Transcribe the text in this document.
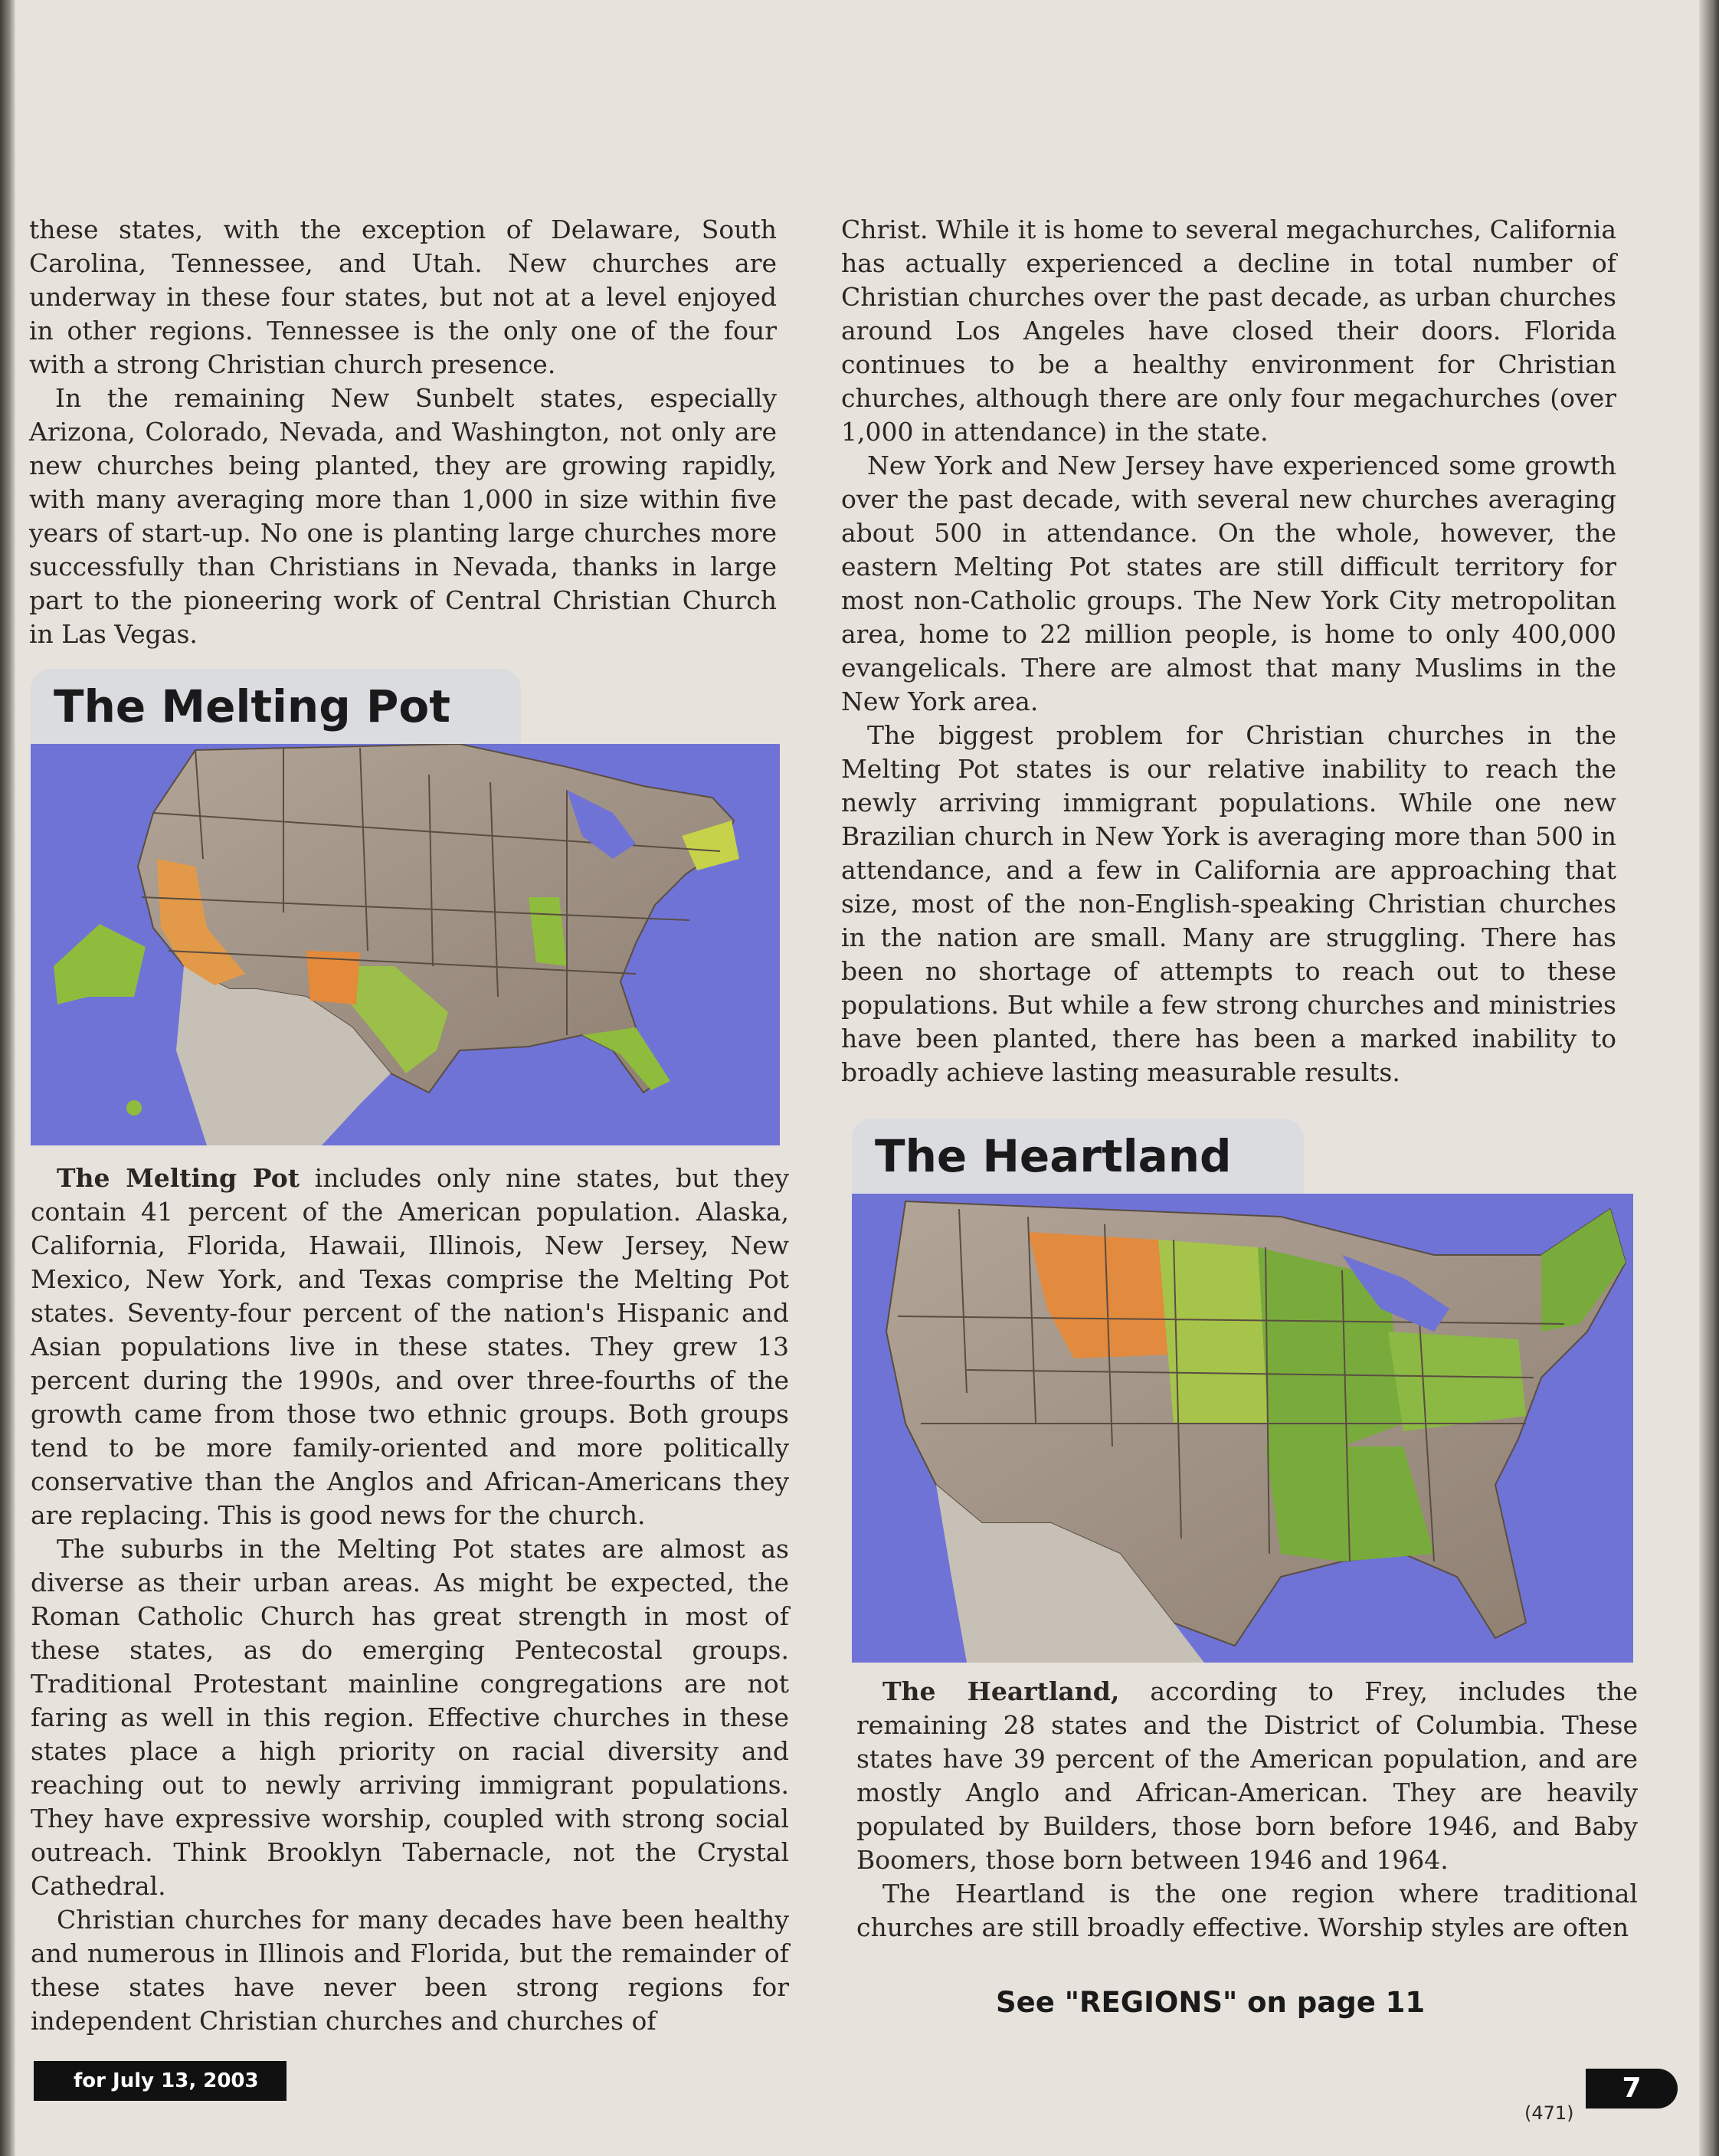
these states, with the exception of Delaware, South Carolina, Tennessee, and Utah. New churches are underway in these four states, but not at a level enjoyed in other regions. Tennessee is the only one of the four with a strong Christian church presence.

In the remaining New Sunbelt states, especially Arizona, Colorado, Nevada, and Washington, not only are new churches being planted, they are growing rapidly, with many averaging more than 1,000 in size within five years of start-up. No one is planting large churches more successfully than Christians in Nevada, thanks in large part to the pioneering work of Central Christian Church in Las Vegas.

The Melting Pot

The Melting Pot includes only nine states, but they contain 41 percent of the American population. Alaska, California, Florida, Hawaii, Illinois, New Jersey, New Mexico, New York, and Texas comprise the Melting Pot states. Seventy-four percent of the nation's Hispanic and Asian populations live in these states. They grew 13 percent during the 1990s, and over three-fourths of the growth came from those two ethnic groups. Both groups tend to be more family-oriented and more politically conservative than the Anglos and African-Americans they are replacing. This is good news for the church.

The suburbs in the Melting Pot states are almost as diverse as their urban areas. As might be expected, the Roman Catholic Church has great strength in most of these states, as do emerging Pentecostal groups. Traditional Protestant mainline congregations are not faring as well in this region. Effective churches in these states place a high priority on racial diversity and reaching out to newly arriving immigrant populations. They have expressive worship, coupled with strong social outreach. Think Brooklyn Tabernacle, not the Crystal Cathedral.

Christian churches for many decades have been healthy and numerous in Illinois and Florida, but the remainder of these states have never been strong regions for independent Christian churches and churches of

Christ. While it is home to several megachurches, California has actually experienced a decline in total number of Christian churches over the past decade, as urban churches around Los Angeles have closed their doors. Florida continues to be a healthy environment for Christian churches, although there are only four megachurches (over 1,000 in attendance) in the state.

New York and New Jersey have experienced some growth over the past decade, with several new churches averaging about 500 in attendance. On the whole, however, the eastern Melting Pot states are still difficult territory for most non-Catholic groups. The New York City metropolitan area, home to 22 million people, is home to only 400,000 evangelicals. There are almost that many Muslims in the New York area.

The biggest problem for Christian churches in the Melting Pot states is our relative inability to reach the newly arriving immigrant populations. While one new Brazilian church in New York is averaging more than 500 in attendance, and a few in California are approaching that size, most of the non-English-speaking Christian churches in the nation are small. Many are struggling. There has been no shortage of attempts to reach out to these populations. But while a few strong churches and ministries have been planted, there has been a marked inability to broadly achieve lasting measurable results.

The Heartland

The Heartland, according to Frey, includes the remaining 28 states and the District of Columbia. These states have 39 percent of the American population, and are mostly Anglo and African-American. They are heavily populated by Builders, those born before 1946, and Baby Boomers, those born between 1946 and 1964.

The Heartland is the one region where traditional churches are still broadly effective. Worship styles are often

See "REGIONS" on page 11
for July 13, 2003
(471)
7
